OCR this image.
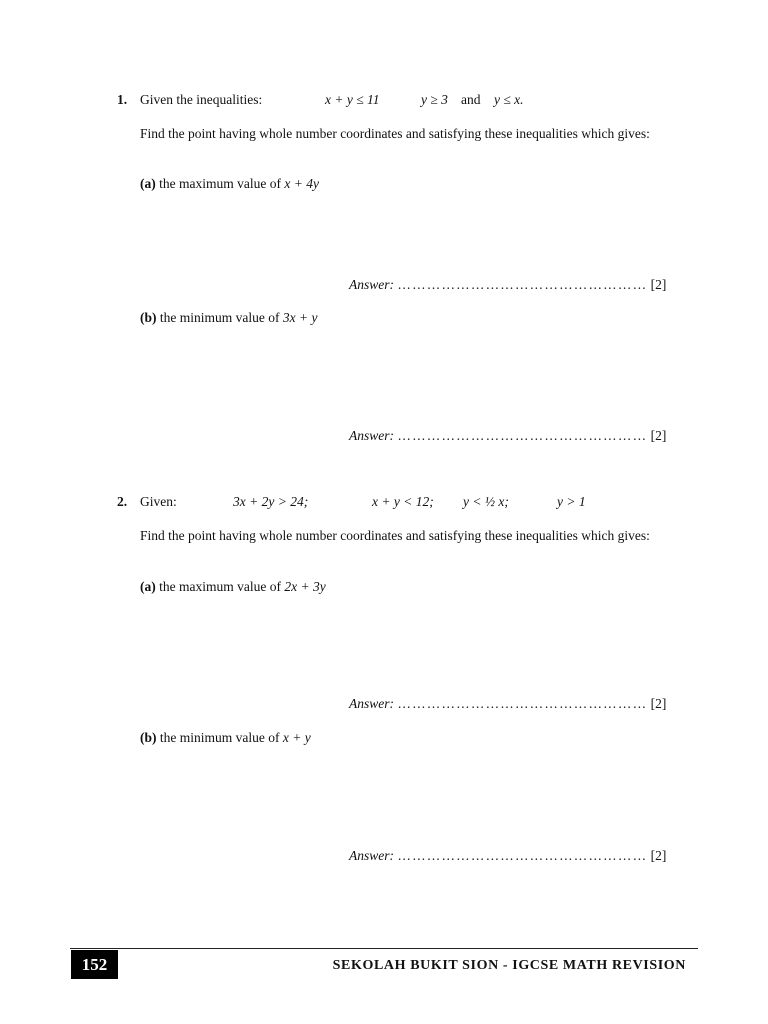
1. Given the inequalities:	x + y ≤ 11	y ≥ 3 and y ≤ x.
Find the point having whole number coordinates and satisfying these inequalities which gives:
(a) the maximum value of x + 4y
Answer: …………………………………………… [2]
(b) the minimum value of 3x + y
Answer: …………………………………………… [2]
2. Given:	3x + 2y > 24;	x + y < 12; y < ½ x;	y > 1
Find the point having whole number coordinates and satisfying these inequalities which gives:
(a) the maximum value of 2x + 3y
Answer: …………………………………………… [2]
(b) the minimum value of x + y
Answer: …………………………………………… [2]
152	SEKOLAH BUKIT SION - IGCSE MATH REVISION
